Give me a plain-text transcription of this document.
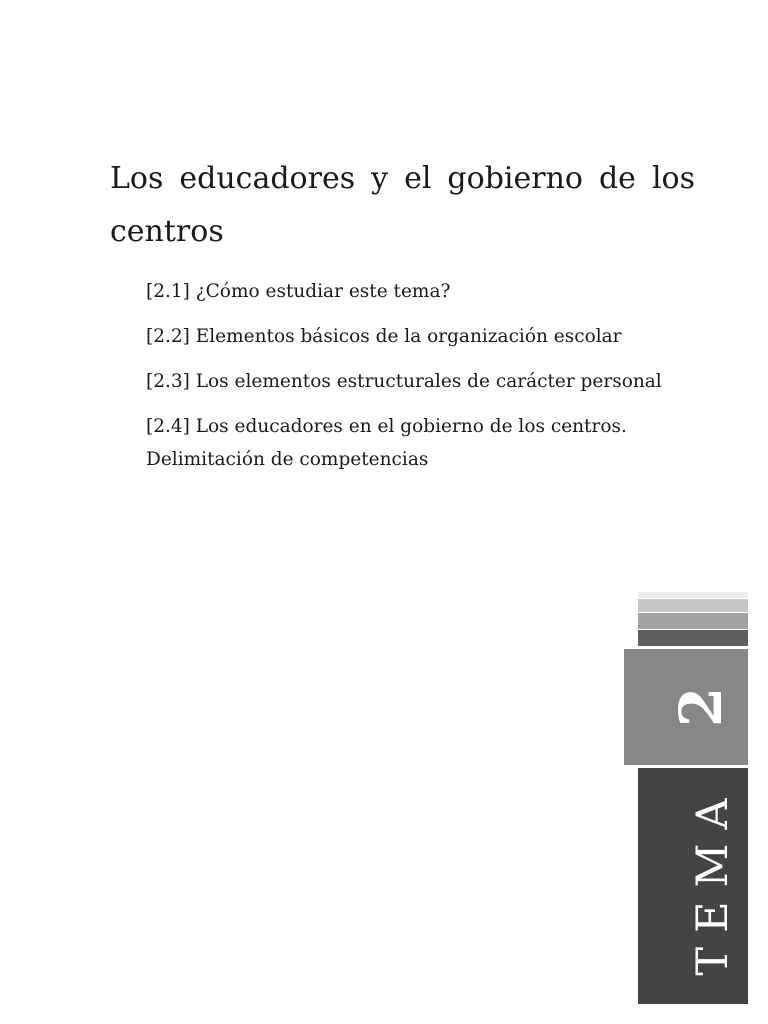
Los educadores y el gobierno de los centros
[2.1] ¿Cómo estudiar este tema?
[2.2] Elementos básicos de la organización escolar
[2.3] Los elementos estructurales de carácter personal
[2.4] Los educadores en el gobierno de los centros. Delimitación de competencias
2
TEMA
